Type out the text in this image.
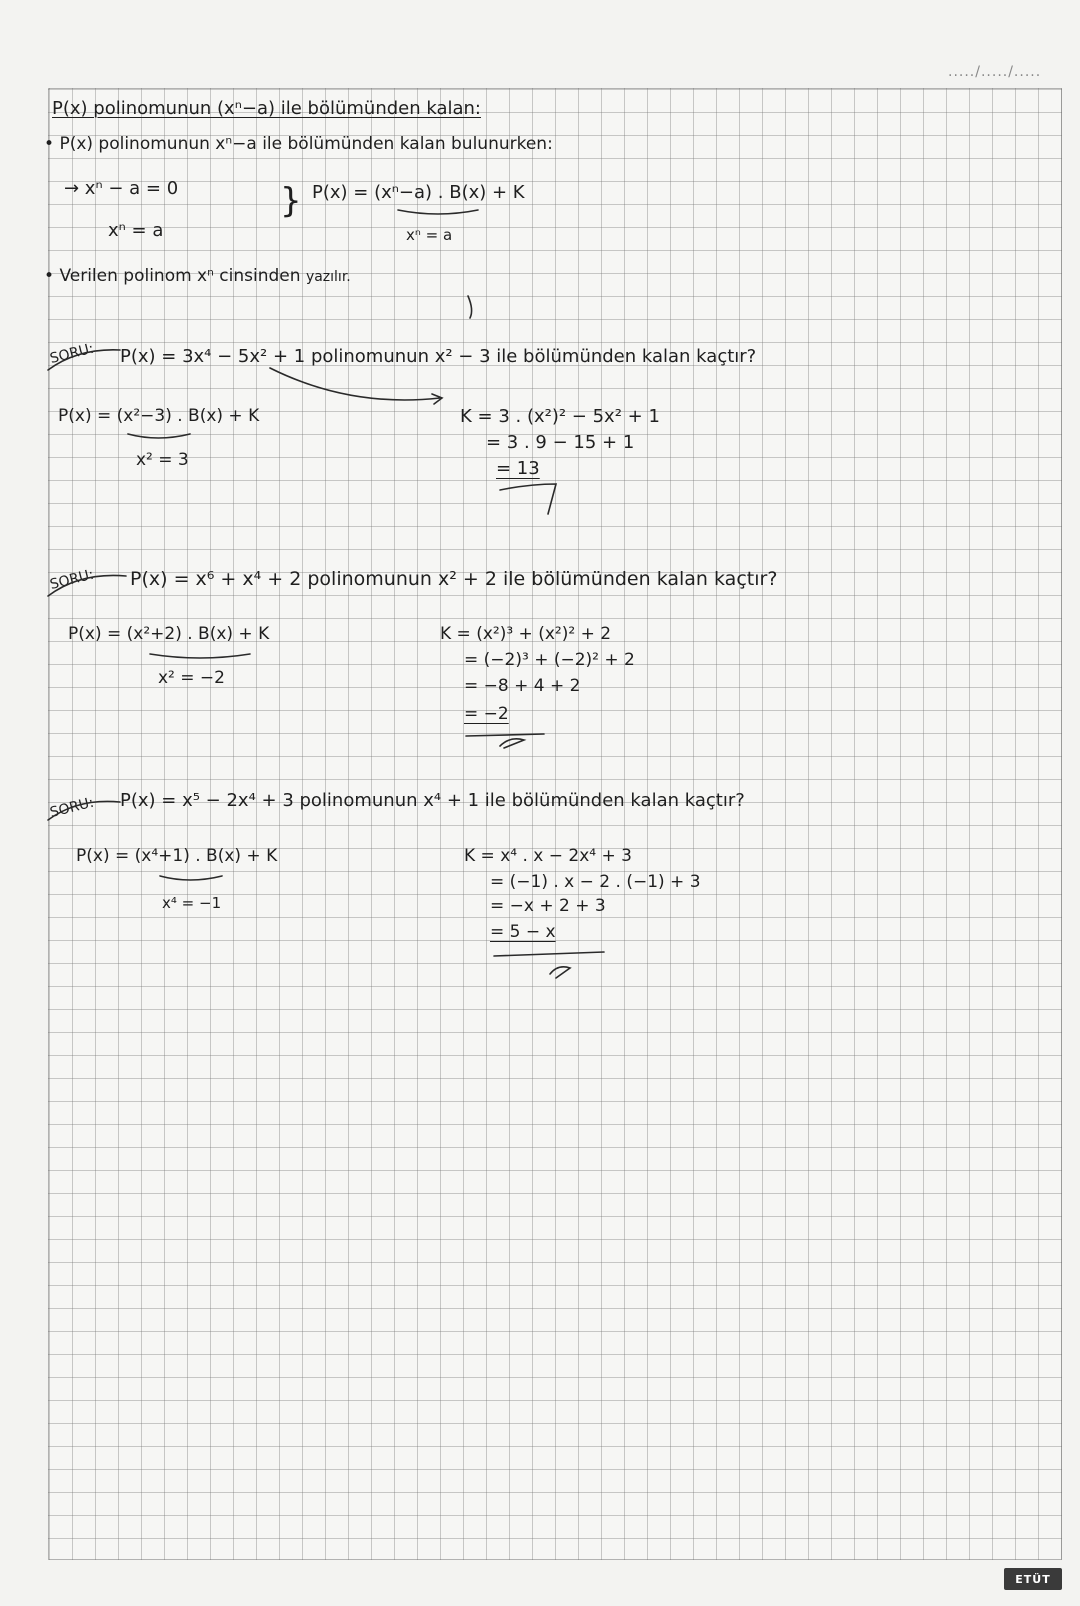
...../...../.....
P(x) polinomunun (xⁿ−a) ile bölümünden kalan:
• P(x) polinomunun xⁿ−a ile bölümünden kalan bulunurken:
→ xⁿ − a = 0
xⁿ = a
} P(x) = (xⁿ−a) . B(x) + K
xⁿ = a
• Verilen polinom xⁿ cinsinden yazılır.
SORU: P(x) = 3x⁴ − 5x² + 1 polinomunun x² − 3 ile bölümünden kalan kaçtır?
P(x) = (x²−3) . B(x) + K
x² = 3
K = 3 . (x²)² − 5x² + 1
= 3 . 9 − 15 + 1
= 13
SORU: P(x) = x⁶ + x⁴ + 2 polinomunun x² + 2 ile bölümünden kalan kaçtır?
P(x) = (x²+2) . B(x) + K
x² = −2
K = (x²)³ + (x²)² + 2
= (−2)³ + (−2)² + 2
= −8 + 4 + 2
= −2
SORU: P(x) = x⁵ − 2x⁴ + 3 polinomunun x⁴ + 1 ile bölümünden kalan kaçtır?
P(x) = (x⁴+1) . B(x) + K
x⁴ = −1
K = x⁴ . x − 2x⁴ + 3
= (−1) . x − 2 . (−1) + 3
= −x + 2 + 3
= 5 − x
ETÜT
